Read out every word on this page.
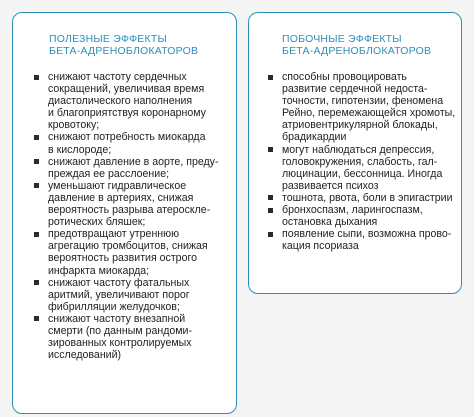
ПОЛЕЗНЫЕ ЭФФЕКТЫ
БЕТА-АДРЕНОБЛОКАТОРОВ
снижают частоту сердечных
сокращений, увеличивая время
диастолического наполнения
и благоприятствуя коронарному
кровотоку;
снижают потребность миокарда
в кислороде;
снижают давление в аорте, преду-
преждая ее расслоение;
уменьшают гидравлическое
давление в артериях, снижая
вероятность разрыва атероскле-
ротических бляшек;
предотвращают утреннюю
агрегацию тромбоцитов, снижая
вероятность развития острого
инфаркта миокарда;
снижают частоту фатальных
аритмий, увеличивают порог
фибрилляции желудочков;
снижают частоту внезапной
смерти (по данным рандоми-
зированных контролируемых
исследований)
ПОБОЧНЫЕ ЭФФЕКТЫ
БЕТА-АДРЕНОБЛОКАТОРОВ
способны провоцировать
развитие сердечной недоста-
точности, гипотензии, феномена
Рейно, перемежающейся хромоты,
атриовентрикулярной блокады,
брадикардии
могут наблюдаться депрессия,
головокружения, слабость, гал-
люцинации, бессонница. Иногда
развивается психоз
тошнота, рвота, боли в эпигастрии
бронхоспазм, ларингоспазм,
остановка дыхания
появление сыпи, возможна прово-
кация псориаза
